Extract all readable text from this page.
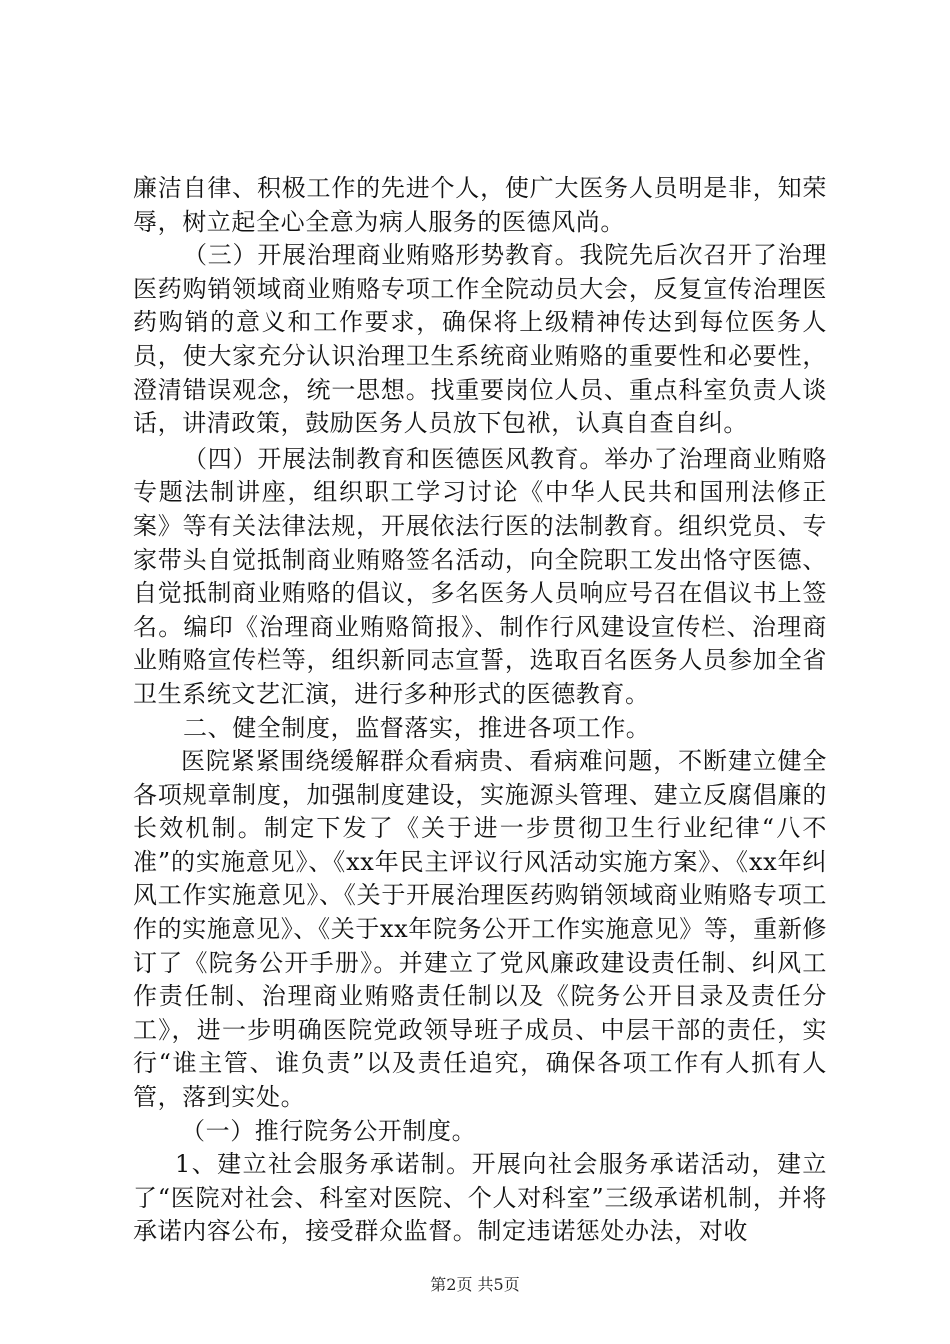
廉洁自律、积极工作的先进个人，使广大医务人员明是非，知荣辱，树立起全心全意为病人服务的医德风尚。

（三）开展治理商业贿赂形势教育。我院先后次召开了治理医药购销领域商业贿赂专项工作全院动员大会，反复宣传治理医药购销的意义和工作要求，确保将上级精神传达到每位医务人员，使大家充分认识治理卫生系统商业贿赂的重要性和必要性，澄清错误观念，统一思想。找重要岗位人员、重点科室负责人谈话，讲清政策，鼓励医务人员放下包袱，认真自查自纠。

（四）开展法制教育和医德医风教育。举办了治理商业贿赂专题法制讲座，组织职工学习讨论《中华人民共和国刑法修正案》等有关法律法规，开展依法行医的法制教育。组织党员、专家带头自觉抵制商业贿赂签名活动，向全院职工发出恪守医德、自觉抵制商业贿赂的倡议，多名医务人员响应号召在倡议书上签名。编印《治理商业贿赂简报》、制作行风建设宣传栏、治理商业贿赂宣传栏等，组织新同志宣誓，选取百名医务人员参加全省卫生系统文艺汇演，进行多种形式的医德教育。

二、健全制度，监督落实，推进各项工作。

医院紧紧围绕缓解群众看病贵、看病难问题，不断建立健全各项规章制度，加强制度建设，实施源头管理、建立反腐倡廉的长效机制。制定下发了《关于进一步贯彻卫生行业纪律“八不准”的实施意见》、《xx年民主评议行风活动实施方案》、《xx年纠风工作实施意见》、《关于开展治理医药购销领域商业贿赂专项工作的实施意见》、《关于xx年院务公开工作实施意见》等，重新修订了《院务公开手册》。并建立了党风廉政建设责任制、纠风工作责任制、治理商业贿赂责任制以及《院务公开目录及责任分工》，进一步明确医院党政领导班子成员、中层干部的责任，实行“谁主管、谁负责”以及责任追究，确保各项工作有人抓有人管，落到实处。

（一）推行院务公开制度。

1、建立社会服务承诺制。开展向社会服务承诺活动，建立了“医院对社会、科室对医院、个人对科室”三级承诺机制，并将承诺内容公布，接受群众监督。制定违诺惩处办法，对收

第2页 共5页
